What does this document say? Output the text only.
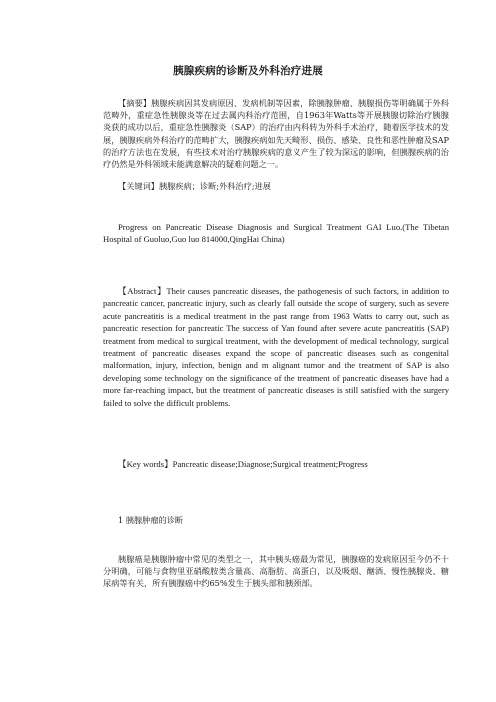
胰腺疾病的诊断及外科治疗进展
【摘要】胰腺疾病因其发病原因、发病机制等因素，除胰腺肿瘤、胰腺损伤等明确属于外科范畴外，重症急性胰腺炎等在过去属内科治疗范围，自1963年Watts等开展胰腺切除治疗胰腺炎获的成功以后，重症急性胰腺炎（SAP）的治疗由内科转为外科手术治疗，随着医学技术的发展，胰腺疾病外科治疗的范畴扩大，胰腺疾病如先天畸形、损伤、感染、良性和恶性肿瘤及SAP的治疗方法也在发展，有些技术对治疗胰腺疾病的意义产生了较为深远的影响，但胰腺疾病的治疗仍然是外科领域未能满意解决的疑难问题之一。
【关键词】胰腺疾病；诊断;外科治疗;进展
Progress on Pancreatic Disease Diagnosis and Surgical Treatment GAI Luo.(The Tibetan Hospital of Guoluo,Guo luo 814000,QingHai China)
【Abstract】Their causes pancreatic diseases, the pathogenesis of such factors, in addition to pancreatic cancer, pancreatic injury, such as clearly fall outside the scope of surgery, such as severe acute pancreatitis is a medical treatment in the past range from 1963 Watts to carry out, such as pancreatic resection for pancreatic The success of Yan found after severe acute pancreatitis (SAP) treatment from medical to surgical treatment, with the development of medical technology, surgical treatment of pancreatic diseases expand the scope of pancreatic diseases such as congenital malformation, injury, infection, benign and m alignant tumor and the treatment of SAP is also developing some technology on the significance of the treatment of pancreatic diseases have had a more far-reaching impact, but the treatment of pancreatic diseases is still satisfied with the surgery failed to solve the difficult problems.
【Key words】Pancreatic disease;Diagnose;Surgical treatment;Progress
1 胰腺肿瘤的诊断
胰腺癌是胰腺肿瘤中常见的类型之一，其中胰头癌最为常见，胰腺癌的发病原因至今仍不十分明确，可能与食物里亚硝酸胺类含量高、高脂肪、高蛋白，以及吸烟、酗酒、慢性胰腺炎、糖尿病等有关，所有胰腺癌中约65%发生于胰头部和胰颈部。
